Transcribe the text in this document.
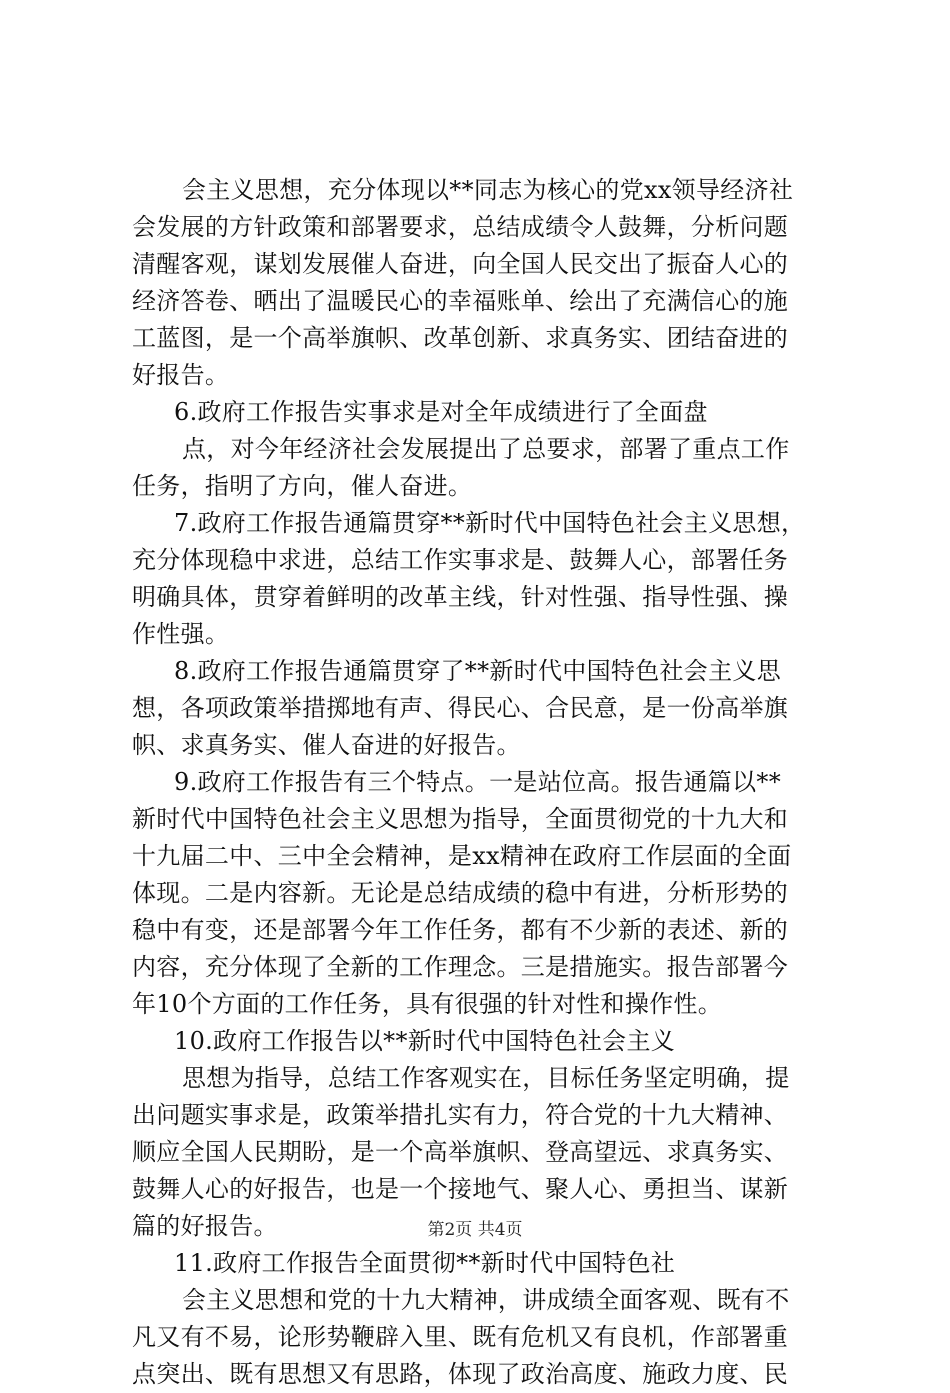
会主义思想，充分体现以**同志为核心的党xx领导经济社
会发展的方针政策和部署要求，总结成绩令人鼓舞，分析问题
清醒客观，谋划发展催人奋进，向全国人民交出了振奋人心的
经济答卷、晒出了温暖民心的幸福账单、绘出了充满信心的施
工蓝图，是一个高举旗帜、改革创新、求真务实、团结奋进的
好报告。
6.政府工作报告实事求是对全年成绩进行了全面盘
点，对今年经济社会发展提出了总要求，部署了重点工作
任务，指明了方向，催人奋进。
7.政府工作报告通篇贯穿**新时代中国特色社会主义思想，
充分体现稳中求进，总结工作实事求是、鼓舞人心，部署任务
明确具体，贯穿着鲜明的改革主线，针对性强、指导性强、操
作性强。
8.政府工作报告通篇贯穿了**新时代中国特色社会主义思
想，各项政策举措掷地有声、得民心、合民意，是一份高举旗
帜、求真务实、催人奋进的好报告。
9.政府工作报告有三个特点。一是站位高。报告通篇以**
新时代中国特色社会主义思想为指导，全面贯彻党的十九大和
十九届二中、三中全会精神，是xx精神在政府工作层面的全面
体现。二是内容新。无论是总结成绩的稳中有进，分析形势的
稳中有变，还是部署今年工作任务，都有不少新的表述、新的
内容，充分体现了全新的工作理念。三是措施实。报告部署今
年10个方面的工作任务，具有很强的针对性和操作性。
10.政府工作报告以**新时代中国特色社会主义
思想为指导，总结工作客观实在，目标任务坚定明确，提
出问题实事求是，政策举措扎实有力，符合党的十九大精神、
顺应全国人民期盼，是一个高举旗帜、登高望远、求真务实、
鼓舞人心的好报告，也是一个接地气、聚人心、勇担当、谋新
篇的好报告。
11.政府工作报告全面贯彻**新时代中国特色社
会主义思想和党的十九大精神，讲成绩全面客观、既有不
凡又有不易，论形势鞭辟入里、既有危机又有良机，作部署重
点突出、既有思想又有思路，体现了政治高度、施政力度、民
第2页 共4页
